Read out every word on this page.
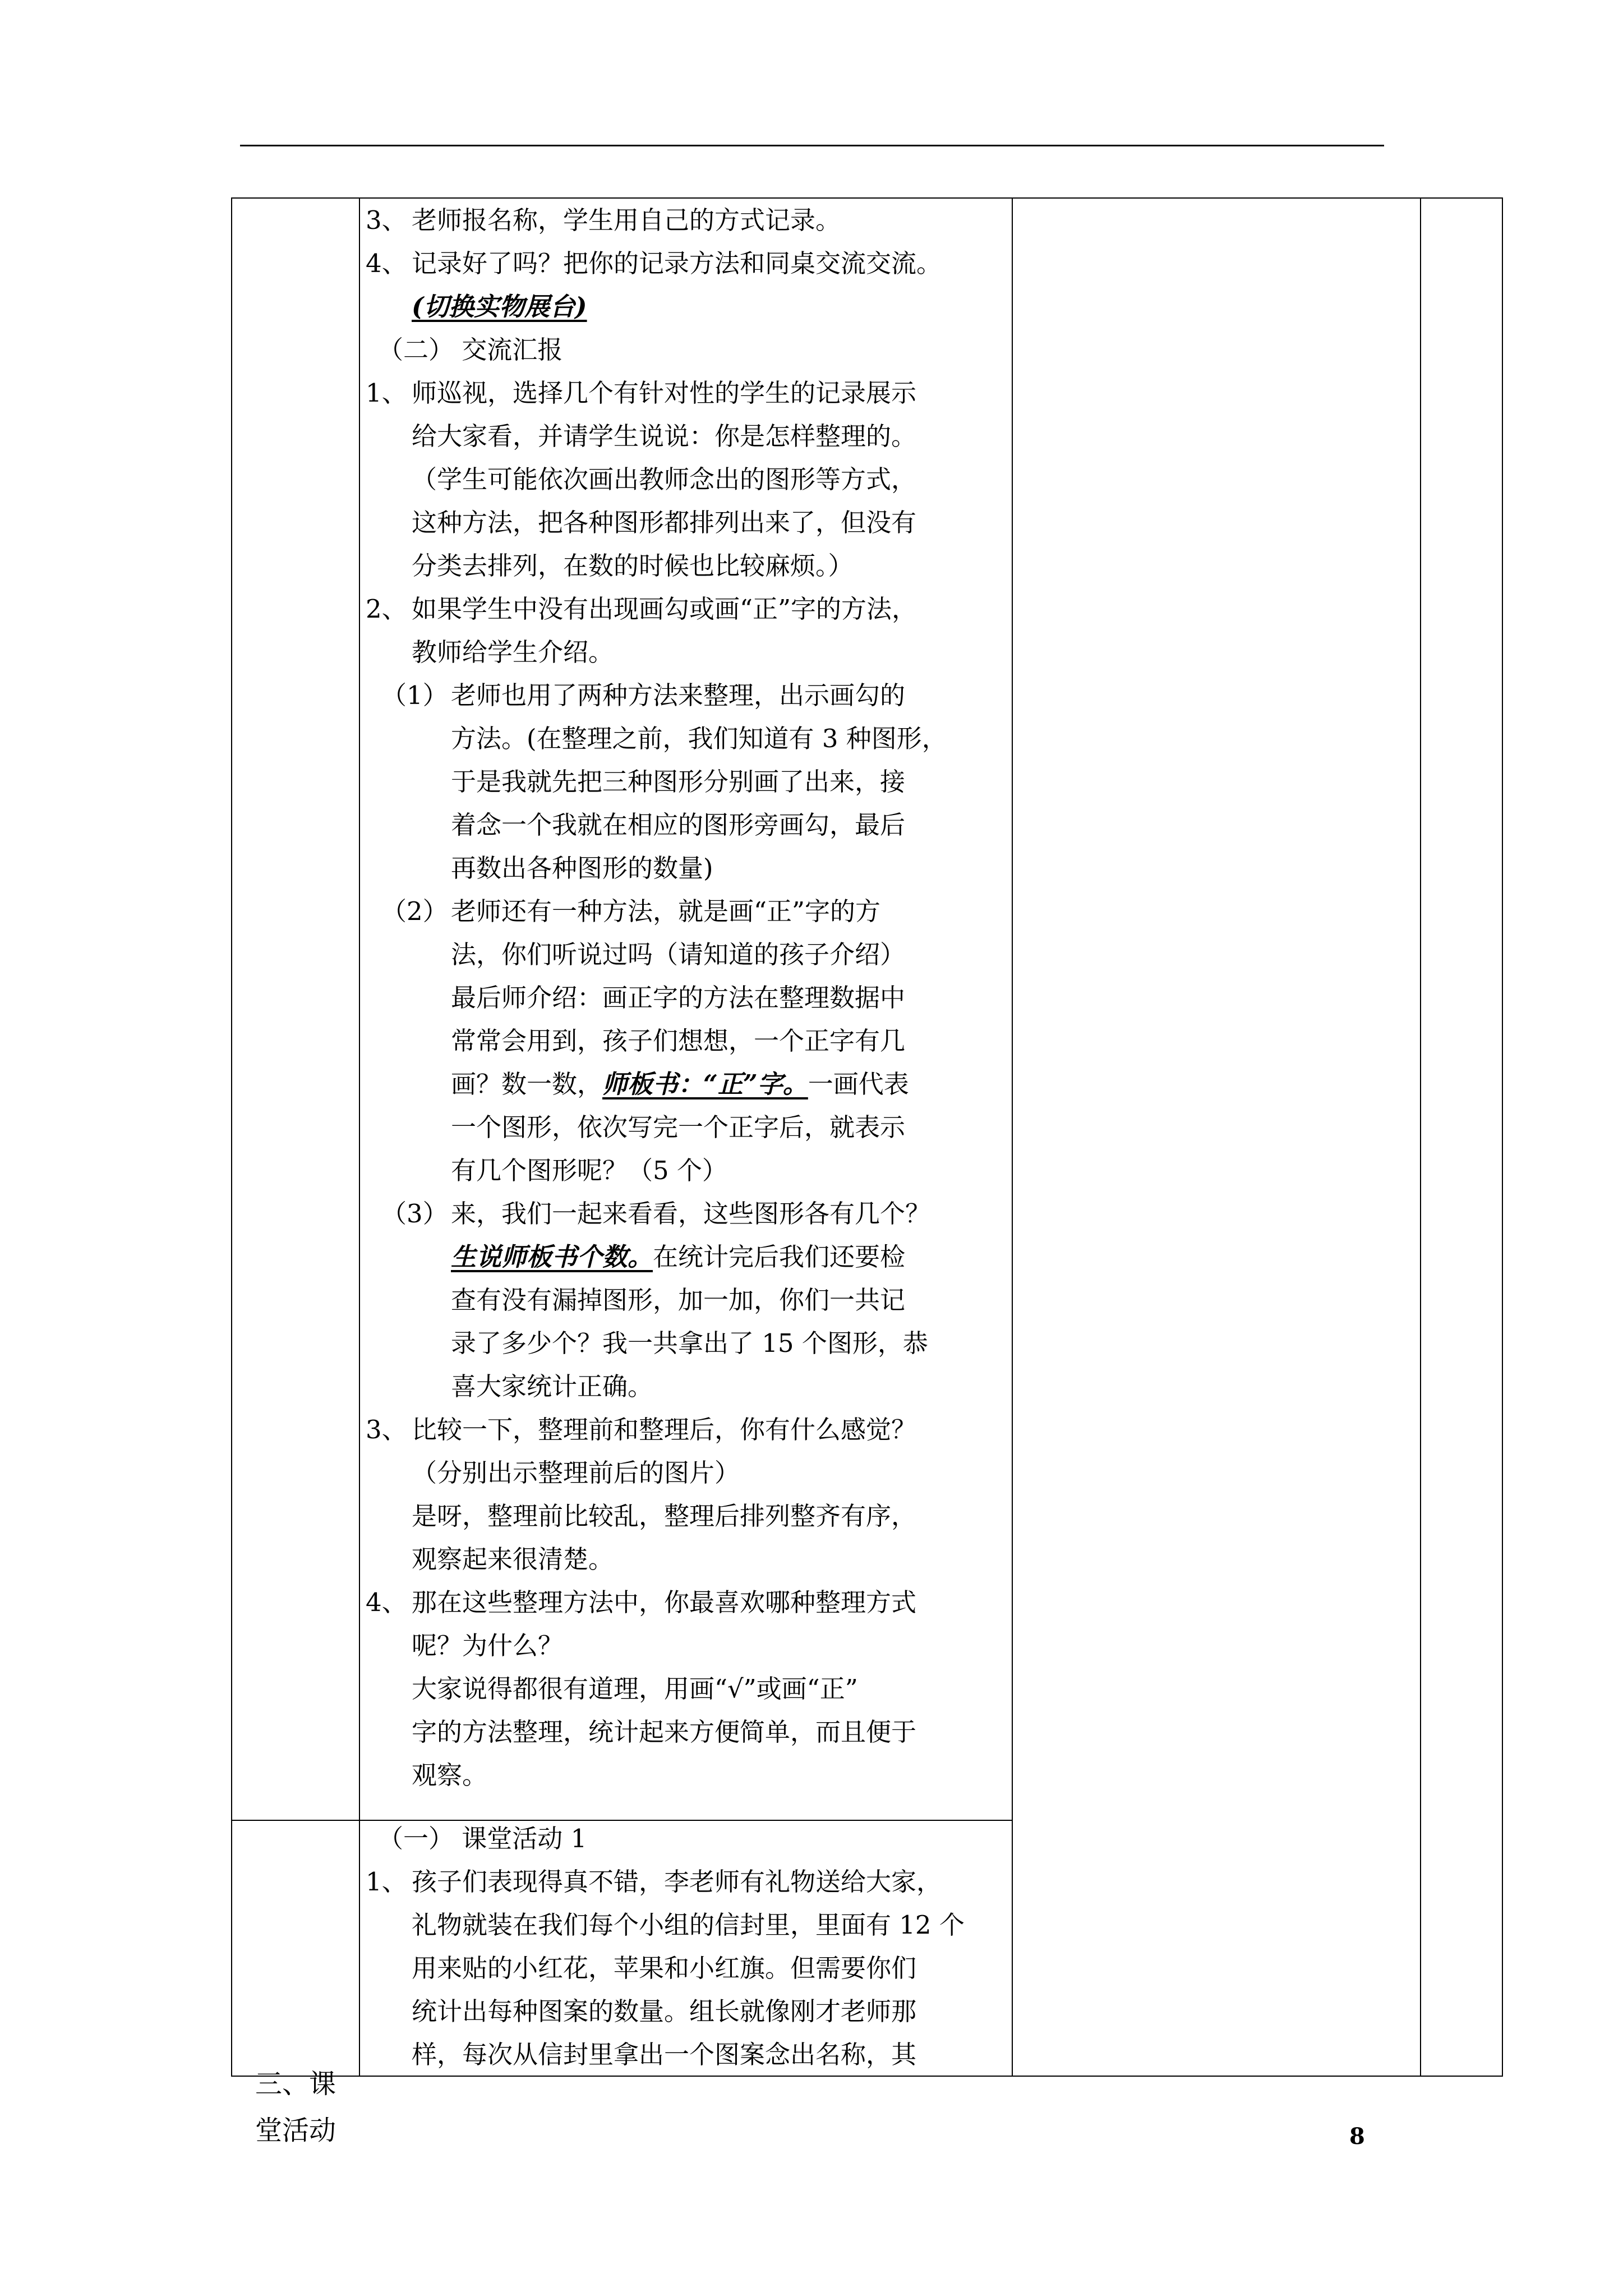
3、 老师报名称，学生用自己的方式记录。
4、 记录好了吗？把你的记录方法和同桌交流交流。
(切换实物展台)
（二） 交流汇报
1、 师巡视，选择几个有针对性的学生的记录展示
给大家看，并请学生说说：你是怎样整理的。
（学生可能依次画出教师念出的图形等方式，
这种方法，把各种图形都排列出来了，但没有
分类去排列，在数的时候也比较麻烦。）
2、 如果学生中没有出现画勾或画“正”字的方法，
教师给学生介绍。
（1） 老师也用了两种方法来整理，出示画勾的
方法。(在整理之前，我们知道有 3 种图形，
于是我就先把三种图形分别画了出来，接
着念一个我就在相应的图形旁画勾，最后
再数出各种图形的数量)
（2） 老师还有一种方法，就是画“正”字的方
法，你们听说过吗（请知道的孩子介绍）
最后师介绍：画正字的方法在整理数据中
常常会用到，孩子们想想，一个正字有几
画？数一数，师板书：“正”字。一画代表
一个图形，依次写完一个正字后，就表示
有几个图形呢？（5 个）
（3） 来，我们一起来看看，这些图形各有几个？
生说师板书个数。在统计完后我们还要检
查有没有漏掉图形，加一加，你们一共记
录了多少个？我一共拿出了 15 个图形，恭
喜大家统计正确。
3、 比较一下，整理前和整理后，你有什么感觉？
（分别出示整理前后的图片）
是呀，整理前比较乱，整理后排列整齐有序，
观察起来很清楚。
4、 那在这些整理方法中，你最喜欢哪种整理方式
呢？为什么？
大家说得都很有道理，用画“√”或画“正”
字的方法整理，统计起来方便简单，而且便于
观察。
（一） 课堂活动 1
1、 孩子们表现得真不错，李老师有礼物送给大家，
礼物就装在我们每个小组的信封里，里面有 12 个
用来贴的小红花，苹果和小红旗。但需要你们
统计出每种图案的数量。组长就像刚才老师那
样，每次从信封里拿出一个图案念出名称，其
三、课
堂活动	8
